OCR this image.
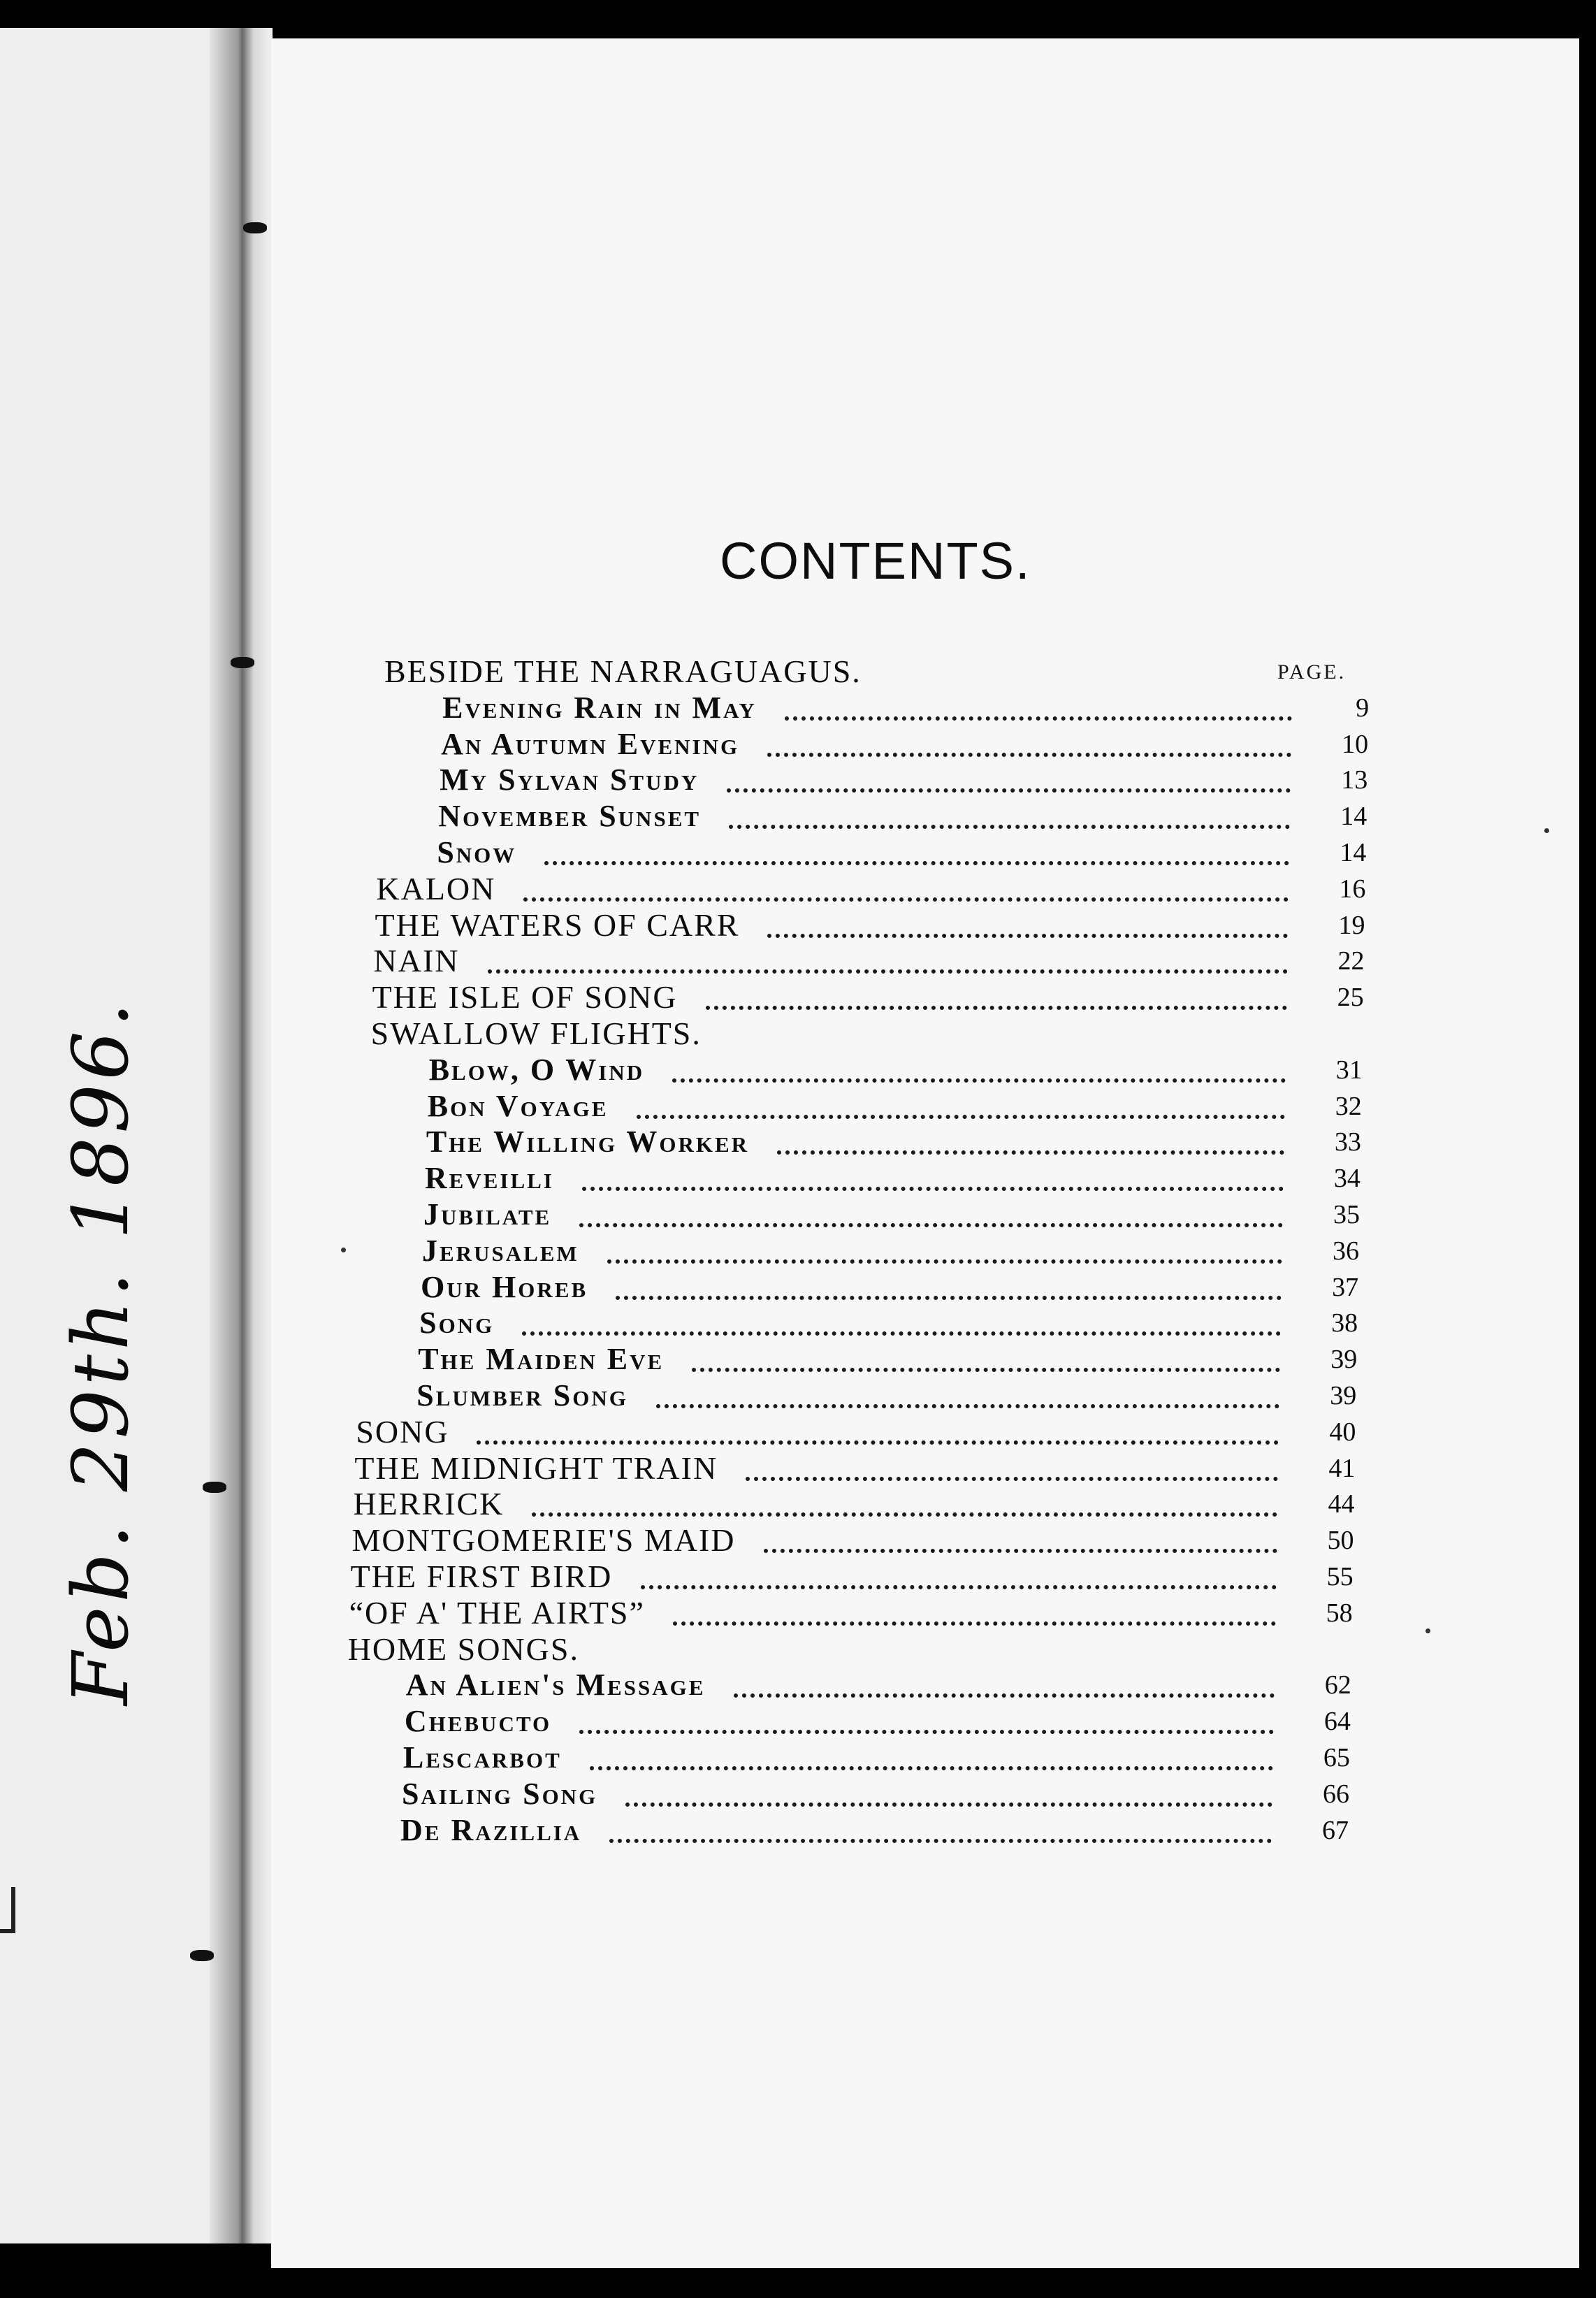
Feb. 29th. 1896.
CONTENTS.
PAGE.
BESIDE THE NARRAGUAGUS.
Evening Rain in May	9
An Autumn Evening	10
My Sylvan Study	13
November Sunset	14
Snow	14
KALON	16
THE WATERS OF CARR	19
NAIN	22
THE ISLE OF SONG	25
SWALLOW FLIGHTS.
Blow, O Wind	31
Bon Voyage	32
The Willing Worker	33
Reveilli	34
Jubilate	35
Jerusalem	36
Our Horeb	37
Song	38
The Maiden Eve	39
Slumber Song	39
SONG	40
THE MIDNIGHT TRAIN	41
HERRICK	44
MONTGOMERIE'S MAID	50
THE FIRST BIRD	55
“OF A' THE AIRTS”	58
HOME SONGS.
An Alien's Message	62
Chebucto	64
Lescarbot	65
Sailing Song	66
De Razillia	67
